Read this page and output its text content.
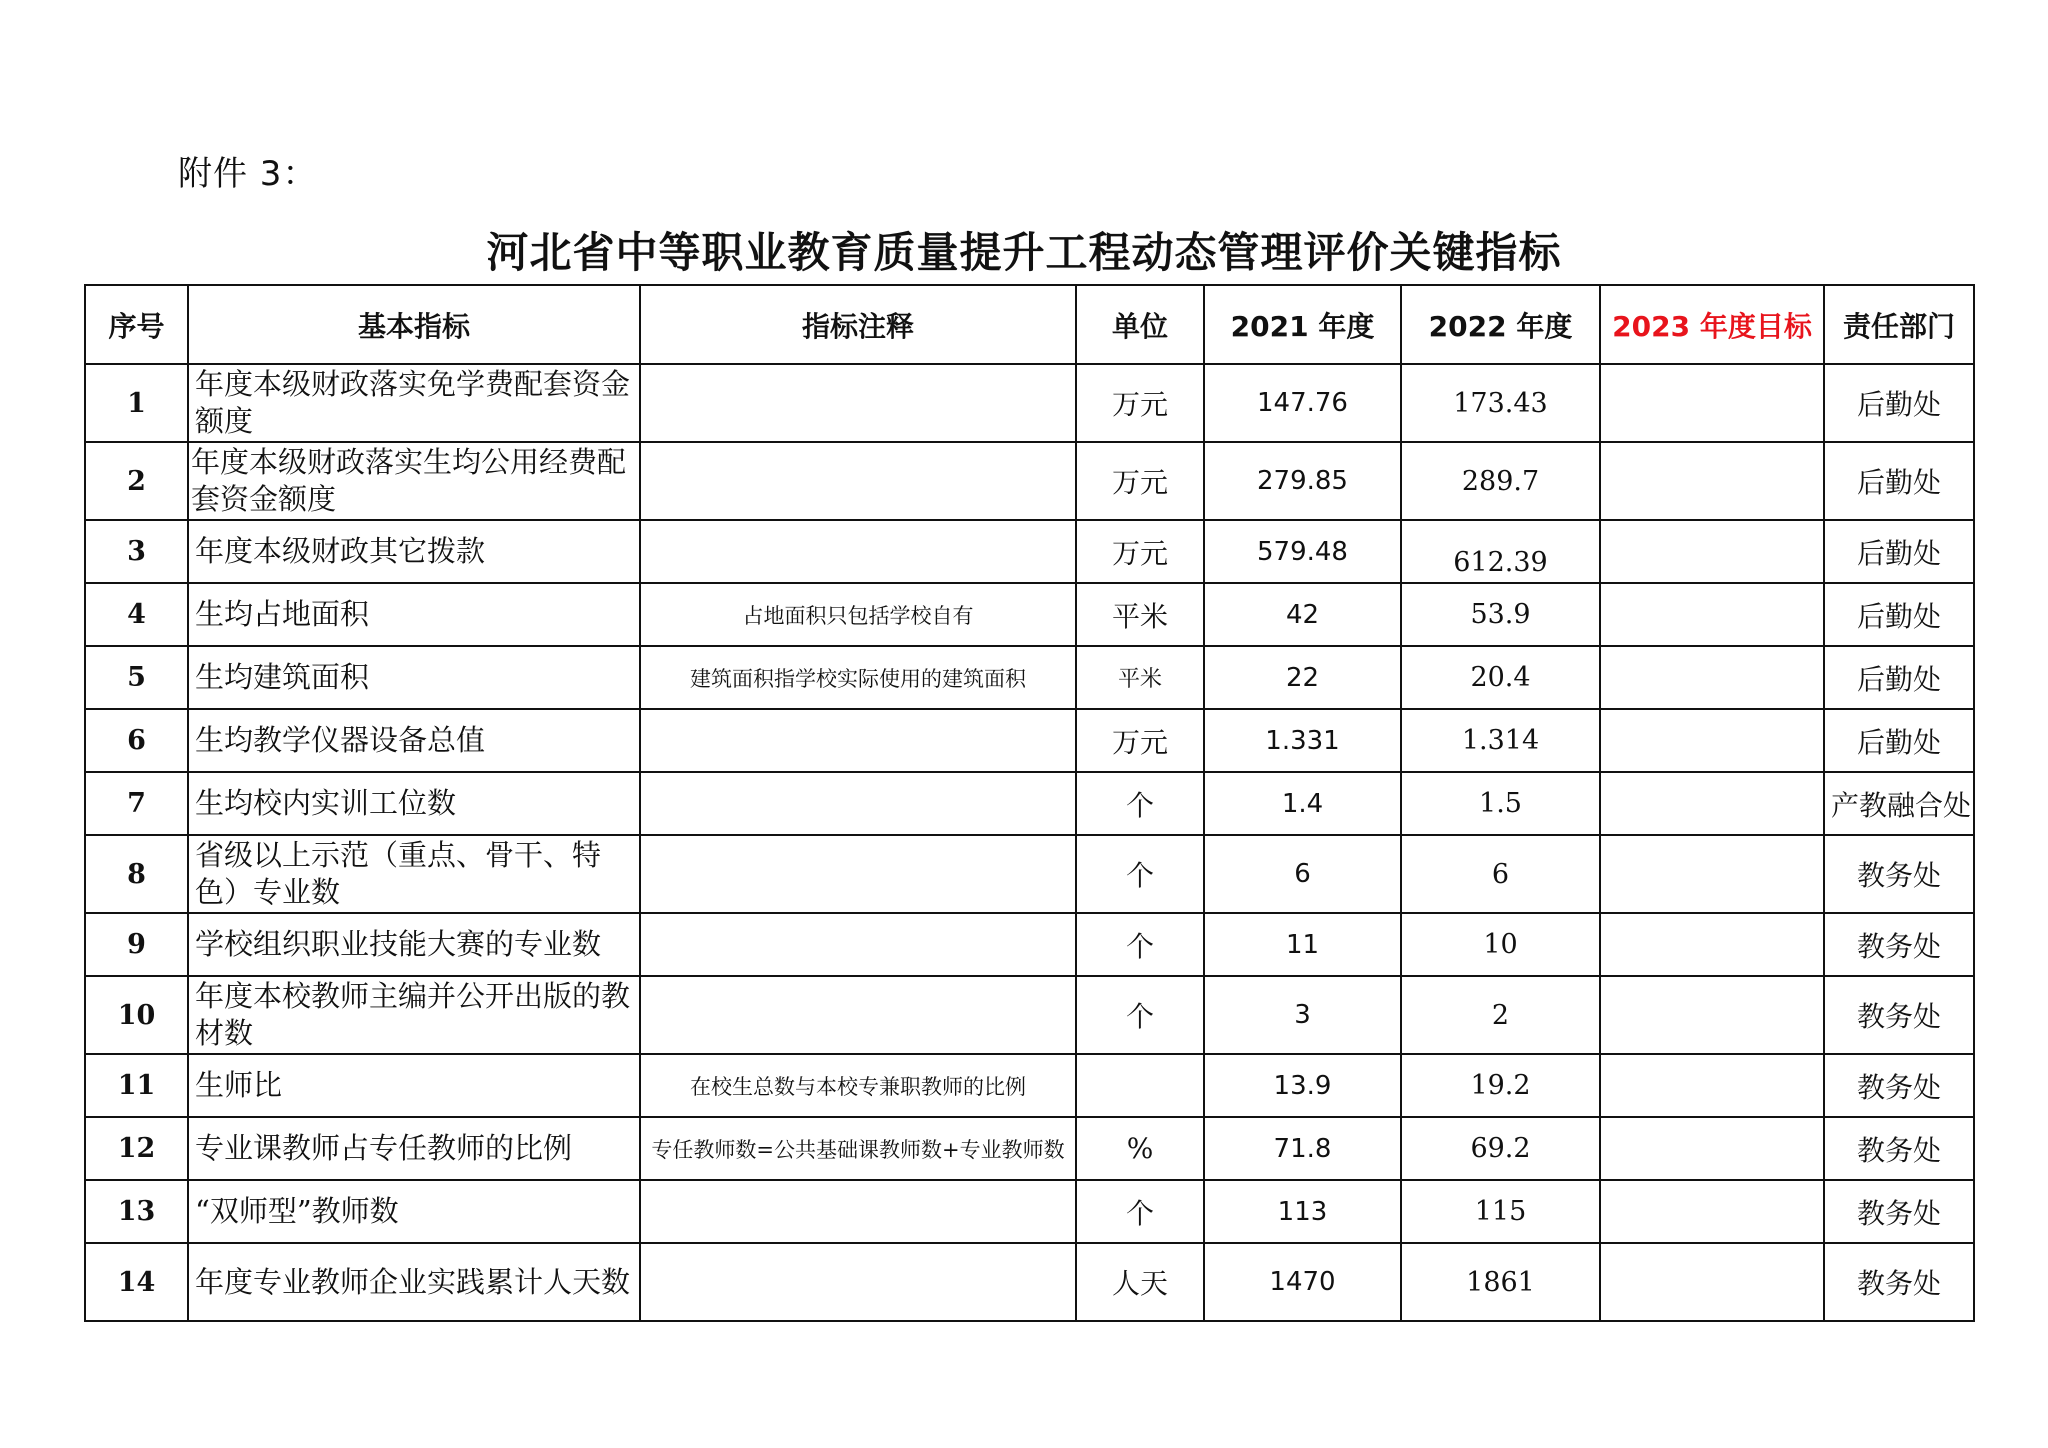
附件 3：
河北省中等职业教育质量提升工程动态管理评价关键指标
序号	基本指标	指标注释	单位	2021 年度	2022 年度	2023 年度目标	责任部门
1	年度本级财政落实免学费配套资金额度		万元	147.76	173.43		后勤处
2	年度本级财政落实生均公用经费配套资金额度		万元	279.85	289.7		后勤处
3	年度本级财政其它拨款		万元	579.48	612.39		后勤处
4	生均占地面积	占地面积只包括学校自有	平米	42	53.9		后勤处
5	生均建筑面积	建筑面积指学校实际使用的建筑面积	平米	22	20.4		后勤处
6	生均教学仪器设备总值		万元	1.331	1.314		后勤处
7	生均校内实训工位数		个	1.4	1.5		产教融合处
8	省级以上示范（重点、骨干、特色）专业数		个	6	6		教务处
9	学校组织职业技能大赛的专业数		个	11	10		教务处
10	年度本校教师主编并公开出版的教材数		个	3	2		教务处
11	生师比	在校生总数与本校专兼职教师的比例		13.9	19.2		教务处
12	专业课教师占专任教师的比例	专任教师数=公共基础课教师数+专业教师数	%	71.8	69.2		教务处
13	“双师型”教师数		个	113	115		教务处
14	年度专业教师企业实践累计人天数		人天	1470	1861		教务处
